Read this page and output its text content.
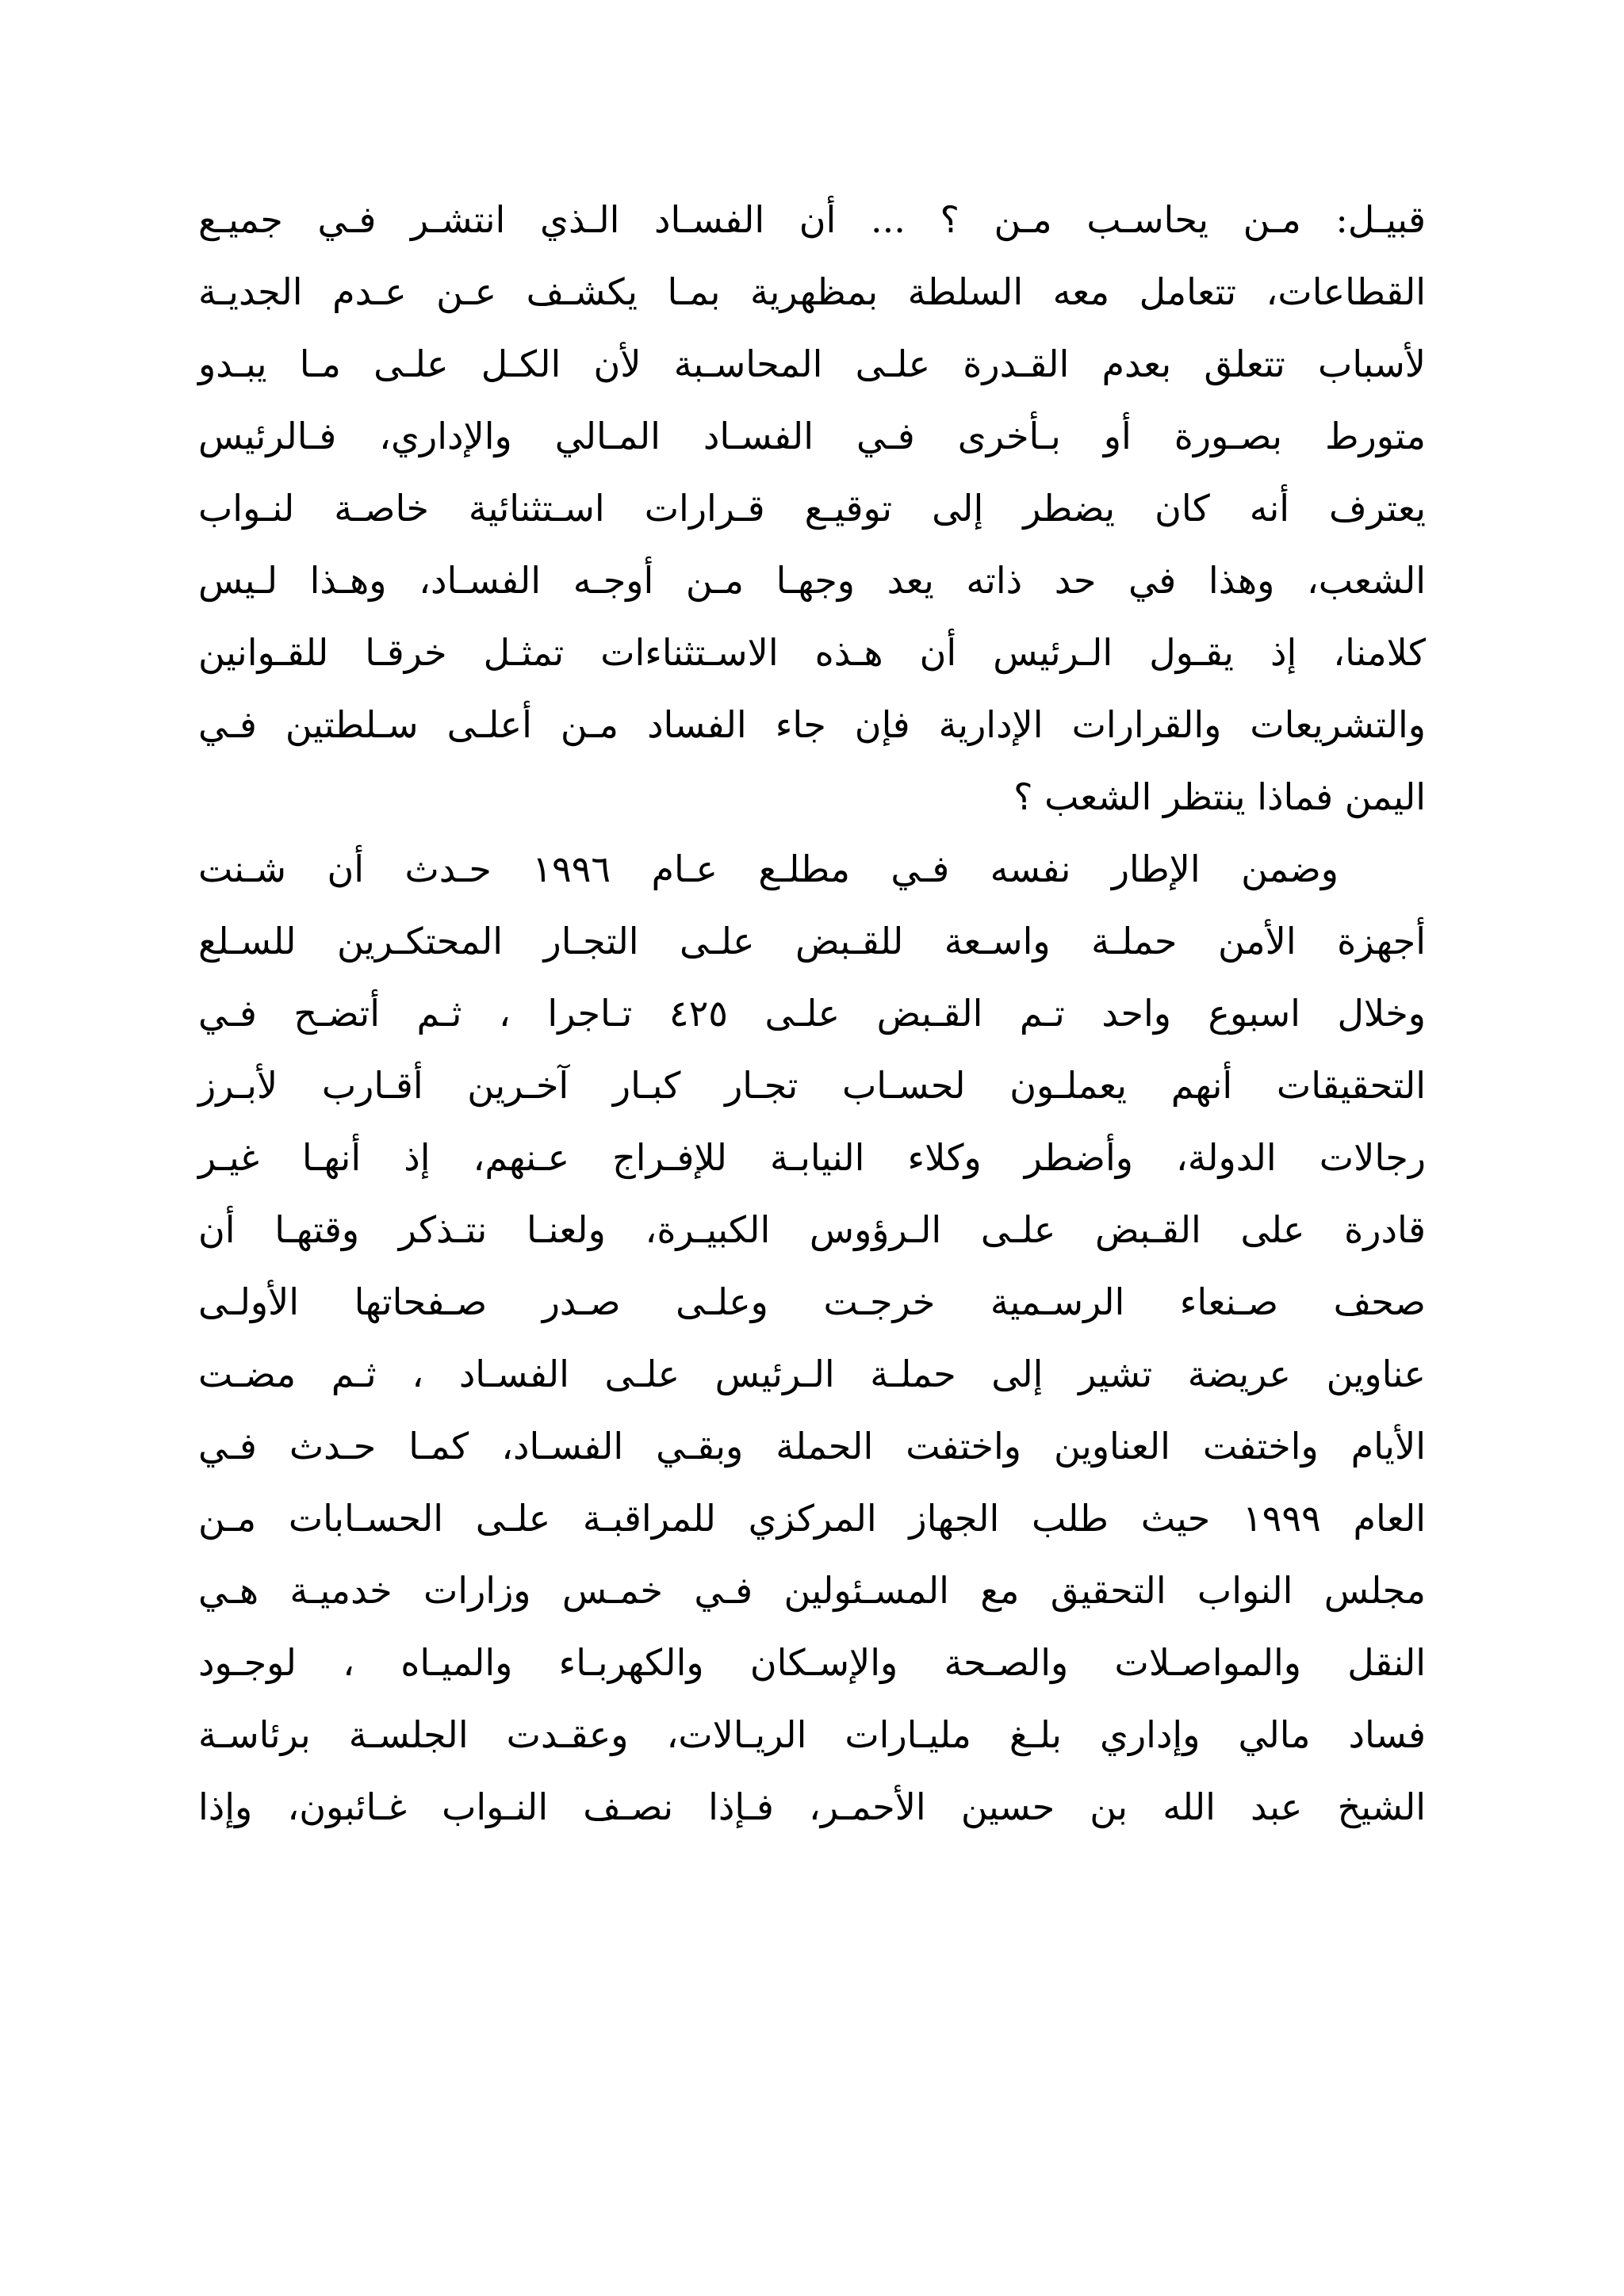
قبيـل: مـن يحاسـب مـن ؟ ... أن الفسـاد الـذي انتشـر فـي جميـع
القطاعات، تتعامل معه السلطة بمظهرية بمـا يكشـف عـن عـدم الجديـة
لأسباب تتعلق بعدم القـدرة علـى المحاسـبة لأن الكـل علـى مـا يبـدو
متورط بصـورة أو بـأخرى فـي الفسـاد المـالي والإداري، فـالرئيس
يعترف أنه كان يضطر إلى توقيـع قـرارات اسـتثنائية خاصـة لنـواب
الشعب، وهذا في حد ذاته يعد وجهـا مـن أوجـه الفسـاد، وهـذا لـيس
كلامنا، إذ يقـول الـرئيس أن هـذه الاسـتثناءات تمثـل خرقـا للقـوانين
والتشريعات والقرارات الإدارية فإن جاء الفساد مـن أعلـى سـلطتين فـي
اليمن فماذا ينتظر الشعب ؟

وضمن الإطار نفسه فـي مطلـع عـام ١٩٩٦ حـدث أن شـنت
أجهزة الأمن حملـة واسـعة للقـبض علـى التجـار المحتكـرين للسـلع
وخلال اسبوع واحد تـم القـبض علـى ٤٢٥ تـاجرا ، ثـم أتضـح فـي
التحقيقات أنهم يعملـون لحسـاب تجـار كبـار آخـرين أقـارب لأبـرز
رجالات الدولة، وأضطر وكلاء النيابـة للإفـراج عـنهم، إذ أنهـا غيـر
قادرة على القـبض علـى الـرؤوس الكبيـرة، ولعنـا نتـذكر وقتهـا أن
صحف صـنعاء الرسـمية خرجـت وعلـى صـدر صـفحاتها الأولـى
عناوين عريضة تشير إلى حملـة الـرئيس علـى الفسـاد ، ثـم مضـت
الأيام واختفت العناوين واختفت الحملة وبقـي الفسـاد، كمـا حـدث فـي
العام ١٩٩٩ حيث طلب الجهاز المركزي للمراقبـة علـى الحسـابات مـن
مجلس النواب التحقيق مع المسـئولين فـي خمـس وزارات خدميـة هـي
النقل والمواصـلات والصـحة والإسـكان والكهربـاء والميـاه ، لوجـود
فساد مالي وإداري بلـغ مليـارات الريـالات، وعقـدت الجلسـة برئاسـة
الشيخ عبد الله بن حسين الأحمـر، فـإذا نصـف النـواب غـائبون، وإذا
